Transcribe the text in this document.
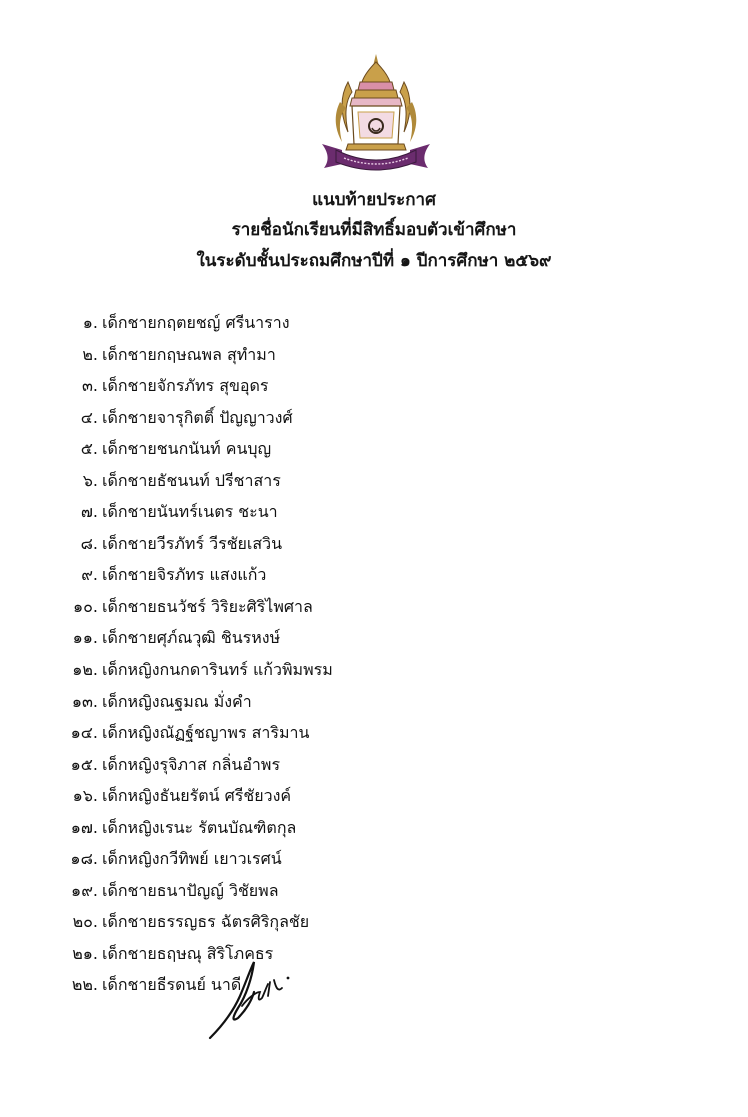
แนบท้ายประกาศ
รายชื่อนักเรียนที่มีสิทธิ์มอบตัวเข้าศึกษา
ในระดับชั้นประถมศึกษาปีที่ ๑ ปีการศึกษา ๒๕๖๙
๑. เด็กชายกฤตยชญ์ ศรีนาราง
๒. เด็กชายกฤษณพล สุทำมา
๓. เด็กชายจักรภัทร สุขอุดร
๔. เด็กชายจารุกิตติ์ ปัญญาวงศ์
๕. เด็กชายชนกนันท์ คนบุญ
๖. เด็กชายธัชนนท์ ปรีชาสาร
๗. เด็กชายนันทร์เนตร ชะนา
๘. เด็กชายวีรภัทร์ วีรชัยเสวิน
๙. เด็กชายจิรภัทร แสงแก้ว
๑๐. เด็กชายธนวัชร์ วิริยะศิริไพศาล
๑๑. เด็กชายศุภ์ณวุฒิ ชินรหงษ์
๑๒. เด็กหญิงกนกดารินทร์ แก้วพิมพรม
๑๓. เด็กหญิงณฐมณ มั่งคำ
๑๔. เด็กหญิงณัฏฐ์ชญาพร สาริมาน
๑๕. เด็กหญิงรุจิภาส กลิ่นอำพร
๑๖. เด็กหญิงธันยรัตน์ ศรีชัยวงค์
๑๗. เด็กหญิงเรนะ รัตนบัณฑิตกุล
๑๘. เด็กหญิงกวีทิพย์ เยาวเรศน์
๑๙. เด็กชายธนาปัญญ์ วิชัยพล
๒๐. เด็กชายธรรญธร ฉัตรศิริกุลชัย
๒๑. เด็กชายธฤษณุ สิริโภคธร
๒๒. เด็กชายธีรดนย์ นาดี
